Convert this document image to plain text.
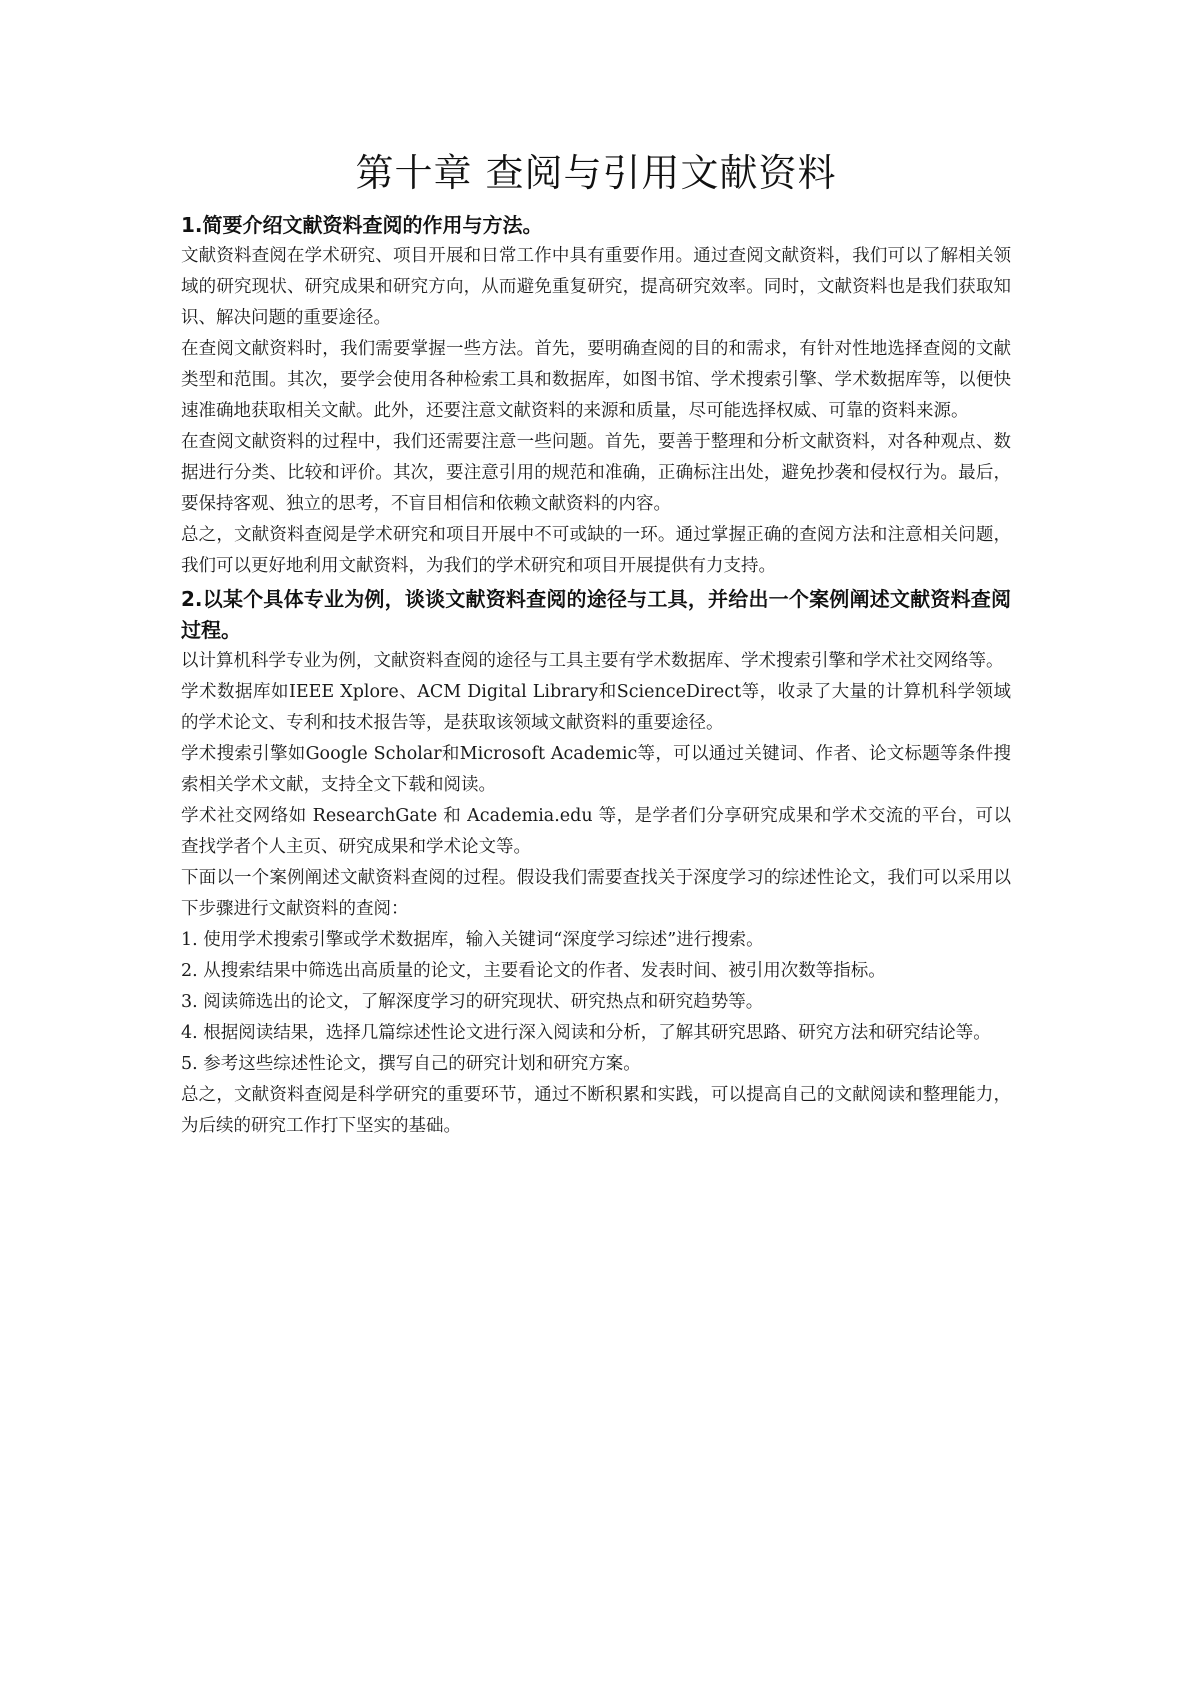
第十章 查阅与引用文献资料

1.简要介绍文献资料查阅的作用与方法。

文献资料查阅在学术研究、项目开展和日常工作中具有重要作用。通过查阅文献资料，我们可以了解相关领域的研究现状、研究成果和研究方向，从而避免重复研究，提高研究效率。同时，文献资料也是我们获取知识、解决问题的重要途径。

在查阅文献资料时，我们需要掌握一些方法。首先，要明确查阅的目的和需求，有针对性地选择查阅的文献类型和范围。其次，要学会使用各种检索工具和数据库，如图书馆、学术搜索引擎、学术数据库等，以便快速准确地获取相关文献。此外，还要注意文献资料的来源和质量，尽可能选择权威、可靠的资料来源。

在查阅文献资料的过程中，我们还需要注意一些问题。首先，要善于整理和分析文献资料，对各种观点、数据进行分类、比较和评价。其次，要注意引用的规范和准确，正确标注出处，避免抄袭和侵权行为。最后，要保持客观、独立的思考，不盲目相信和依赖文献资料的内容。

总之，文献资料查阅是学术研究和项目开展中不可或缺的一环。通过掌握正确的查阅方法和注意相关问题，我们可以更好地利用文献资料，为我们的学术研究和项目开展提供有力支持。

2.以某个具体专业为例，谈谈文献资料查阅的途径与工具，并给出一个案例阐述文献资料查阅过程。

以计算机科学专业为例，文献资料查阅的途径与工具主要有学术数据库、学术搜索引擎和学术社交网络等。

学术数据库如IEEE Xplore、ACM Digital Library和ScienceDirect等，收录了大量的计算机科学领域的学术论文、专利和技术报告等，是获取该领域文献资料的重要途径。

学术搜索引擎如Google Scholar和Microsoft Academic等，可以通过关键词、作者、论文标题等条件搜索相关学术文献，支持全文下载和阅读。

学术社交网络如 ResearchGate 和 Academia.edu 等，是学者们分享研究成果和学术交流的平台，可以查找学者个人主页、研究成果和学术论文等。

下面以一个案例阐述文献资料查阅的过程。假设我们需要查找关于深度学习的综述性论文，我们可以采用以下步骤进行文献资料的查阅：

1. 使用学术搜索引擎或学术数据库，输入关键词“深度学习综述”进行搜索。

2. 从搜索结果中筛选出高质量的论文，主要看论文的作者、发表时间、被引用次数等指标。

3. 阅读筛选出的论文，了解深度学习的研究现状、研究热点和研究趋势等。

4. 根据阅读结果，选择几篇综述性论文进行深入阅读和分析，了解其研究思路、研究方法和研究结论等。

5. 参考这些综述性论文，撰写自己的研究计划和研究方案。

总之，文献资料查阅是科学研究的重要环节，通过不断积累和实践，可以提高自己的文献阅读和整理能力，为后续的研究工作打下坚实的基础。
